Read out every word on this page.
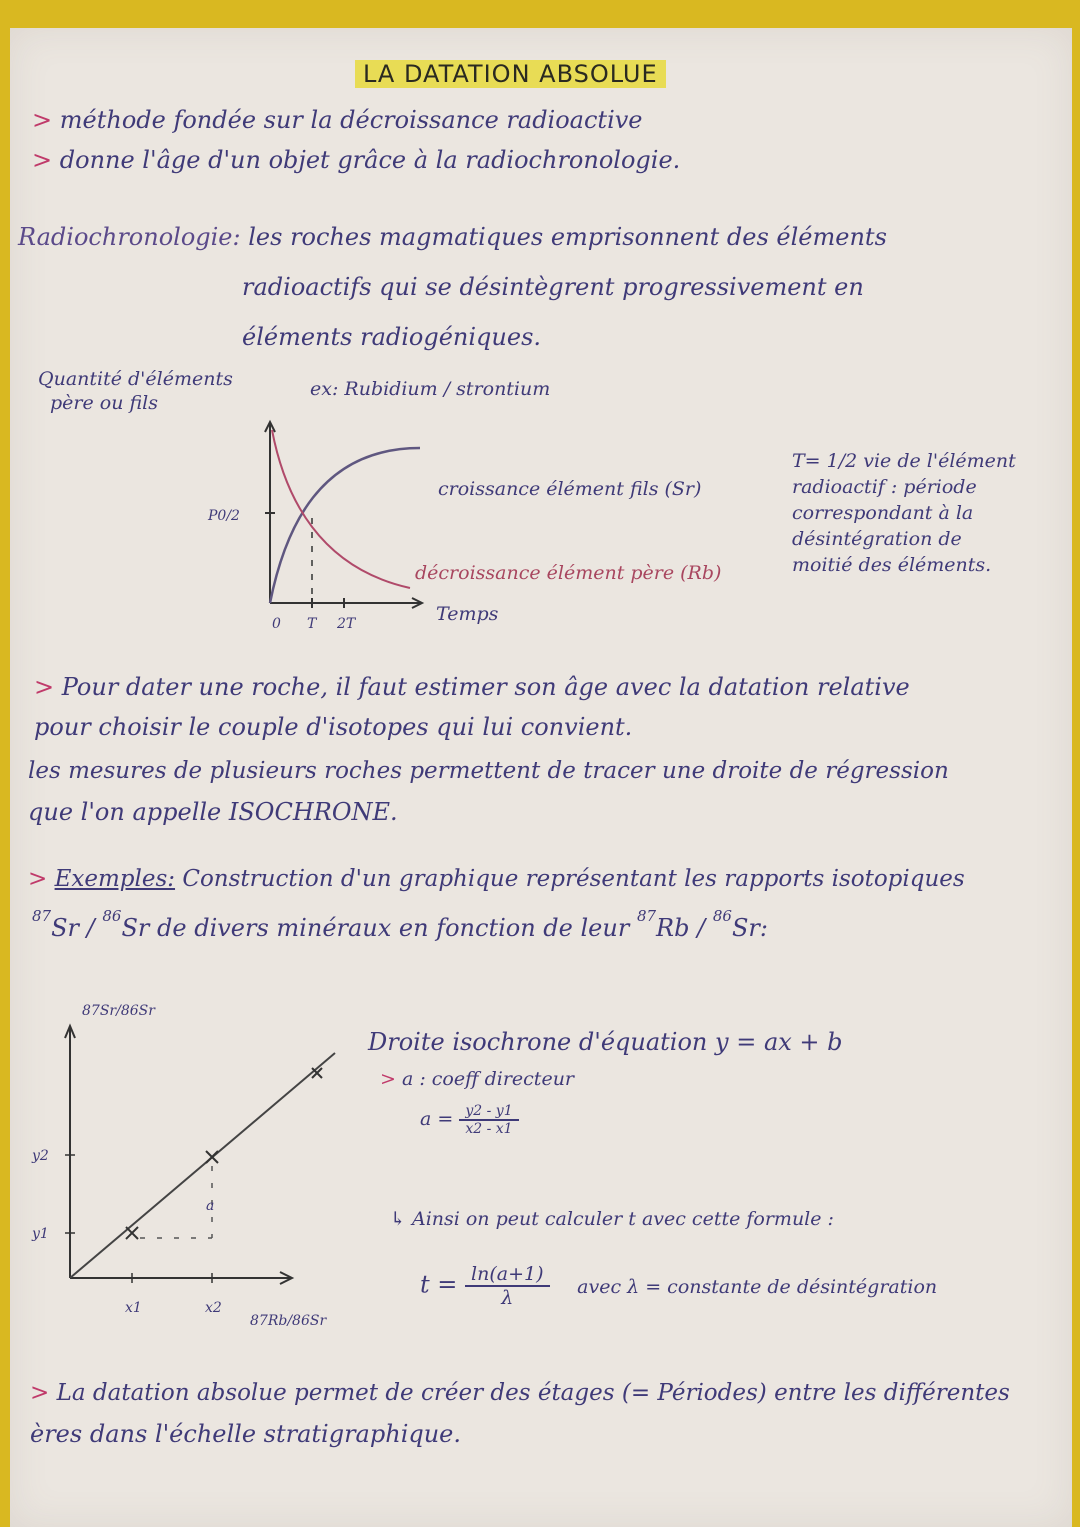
LA DATATION ABSOLUE
> méthode fondée sur la décroissance radioactive
> donne l'âge d'un objet grâce à la radiochronologie.
Radiochronologie: les roches magmatiques emprisonnent des éléments
radioactifs qui se désintègrent progressivement en
éléments radiogéniques.
Quantité d'éléments
père ou fils
ex: Rubidium / strontium
P0/2
0 T 2T	Temps
croissance élément fils (Sr)
décroissance élément père (Rb)
T= 1/2 vie de l'élément
radioactif : période
correspondant à la
désintégration de
moitié des éléments.
> Pour dater une roche, il faut estimer son âge avec la datation relative
pour choisir le couple d'isotopes qui lui convient.
les mesures de plusieurs roches permettent de tracer une droite de régression
que l'on appelle ISOCHRONE.
> Exemples: Construction d'un graphique représentant les rapports isotopiques
$^{87}$Sr / $^{86}$Sr de divers minéraux en fonction de leur $^{87}$Rb / $^{86}$Sr:
87Sr/86Sr
a
y2
y1
x1	x2
87Rb/86Sr
Droite isochrone d'équation y = ax + b
> a : coeff directeur
$a = \frac{y2 - y1}{x2 - x1}$
↳ Ainsi on peut calculer t avec cette formule :
$t = \frac{\ln(a+1)}{\lambda}$ avec λ = constante de désintégration
> La datation absolue permet de créer des étages (= Périodes) entre les différentes
ères dans l'échelle stratigraphique.
